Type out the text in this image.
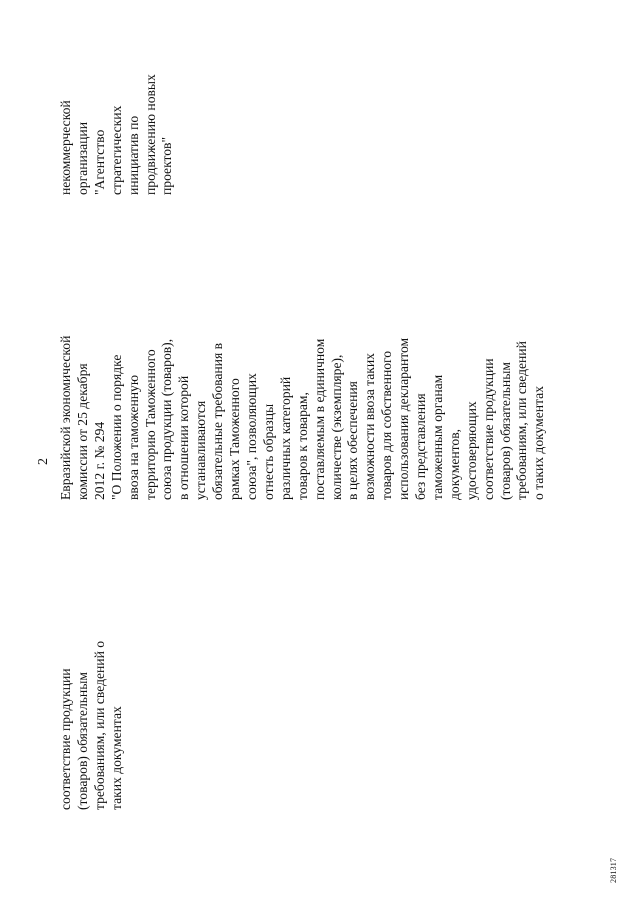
2
соответствие продукции (товаров) обязательным требованиям, или сведений о таких документах
Евразийской экономической комиссии от 25 декабря 2012 г. № 294 "О Положении о порядке ввоза на таможенную территорию Таможенного союза продукции (товаров), в отношении которой устанавливаются обязательные требования в рамках Таможенного союза", позволяющих отнесть образцы различных категорий товаров к товарам, поставляемым в единичном количестве (экземпляре), в целях обеспечения возможности ввоза таких товаров для собственного использования декларантом без представления таможенным органам документов, удостоверяющих соответствие продукции (товаров) обязательным требованиям, или сведений о таких документах
некоммерческой организации "Агентство стратегических инициатив по продвижению новых проектов"
281317
